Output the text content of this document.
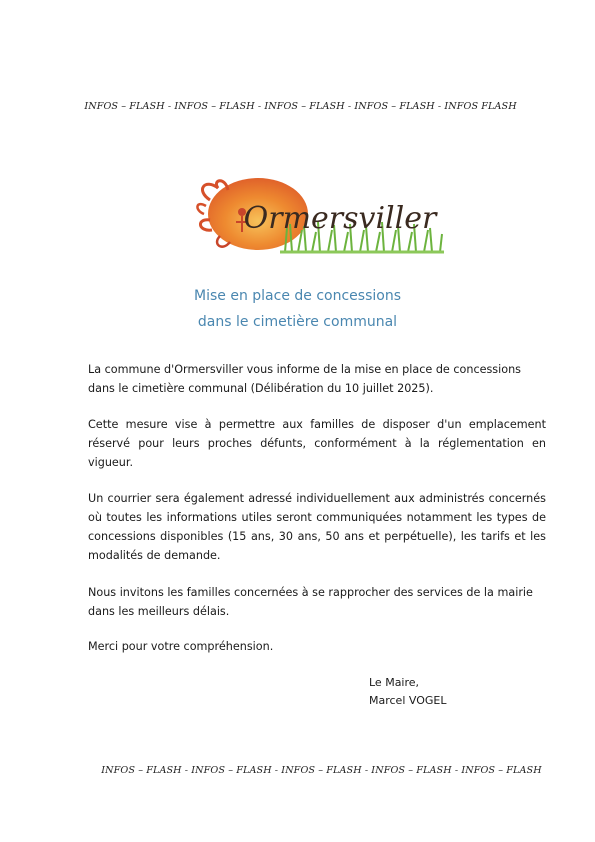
INFOS – FLASH - INFOS – FLASH - INFOS – FLASH - INFOS – FLASH - INFOS FLASH
Ormersviller
Mise en place de concessions
dans le cimetière communal
La commune d'Ormersviller vous informe de la mise en place de concessions dans le cimetière communal (Délibération du 10 juillet 2025).
Cette mesure vise à permettre aux familles de disposer d'un emplacement réservé pour leurs proches défunts, conformément à la réglementation en vigueur.
Un courrier sera également adressé individuellement aux administrés concernés où toutes les informations utiles seront communiquées notamment les types de concessions disponibles (15 ans, 30 ans, 50 ans et perpétuelle), les tarifs et les modalités de demande.
Nous invitons les familles concernées à se rapprocher des services de la mairie dans les meilleurs délais.
Merci pour votre compréhension.
Le Maire,
Marcel VOGEL
INFOS – FLASH - INFOS – FLASH - INFOS – FLASH - INFOS – FLASH - INFOS – FLASH
